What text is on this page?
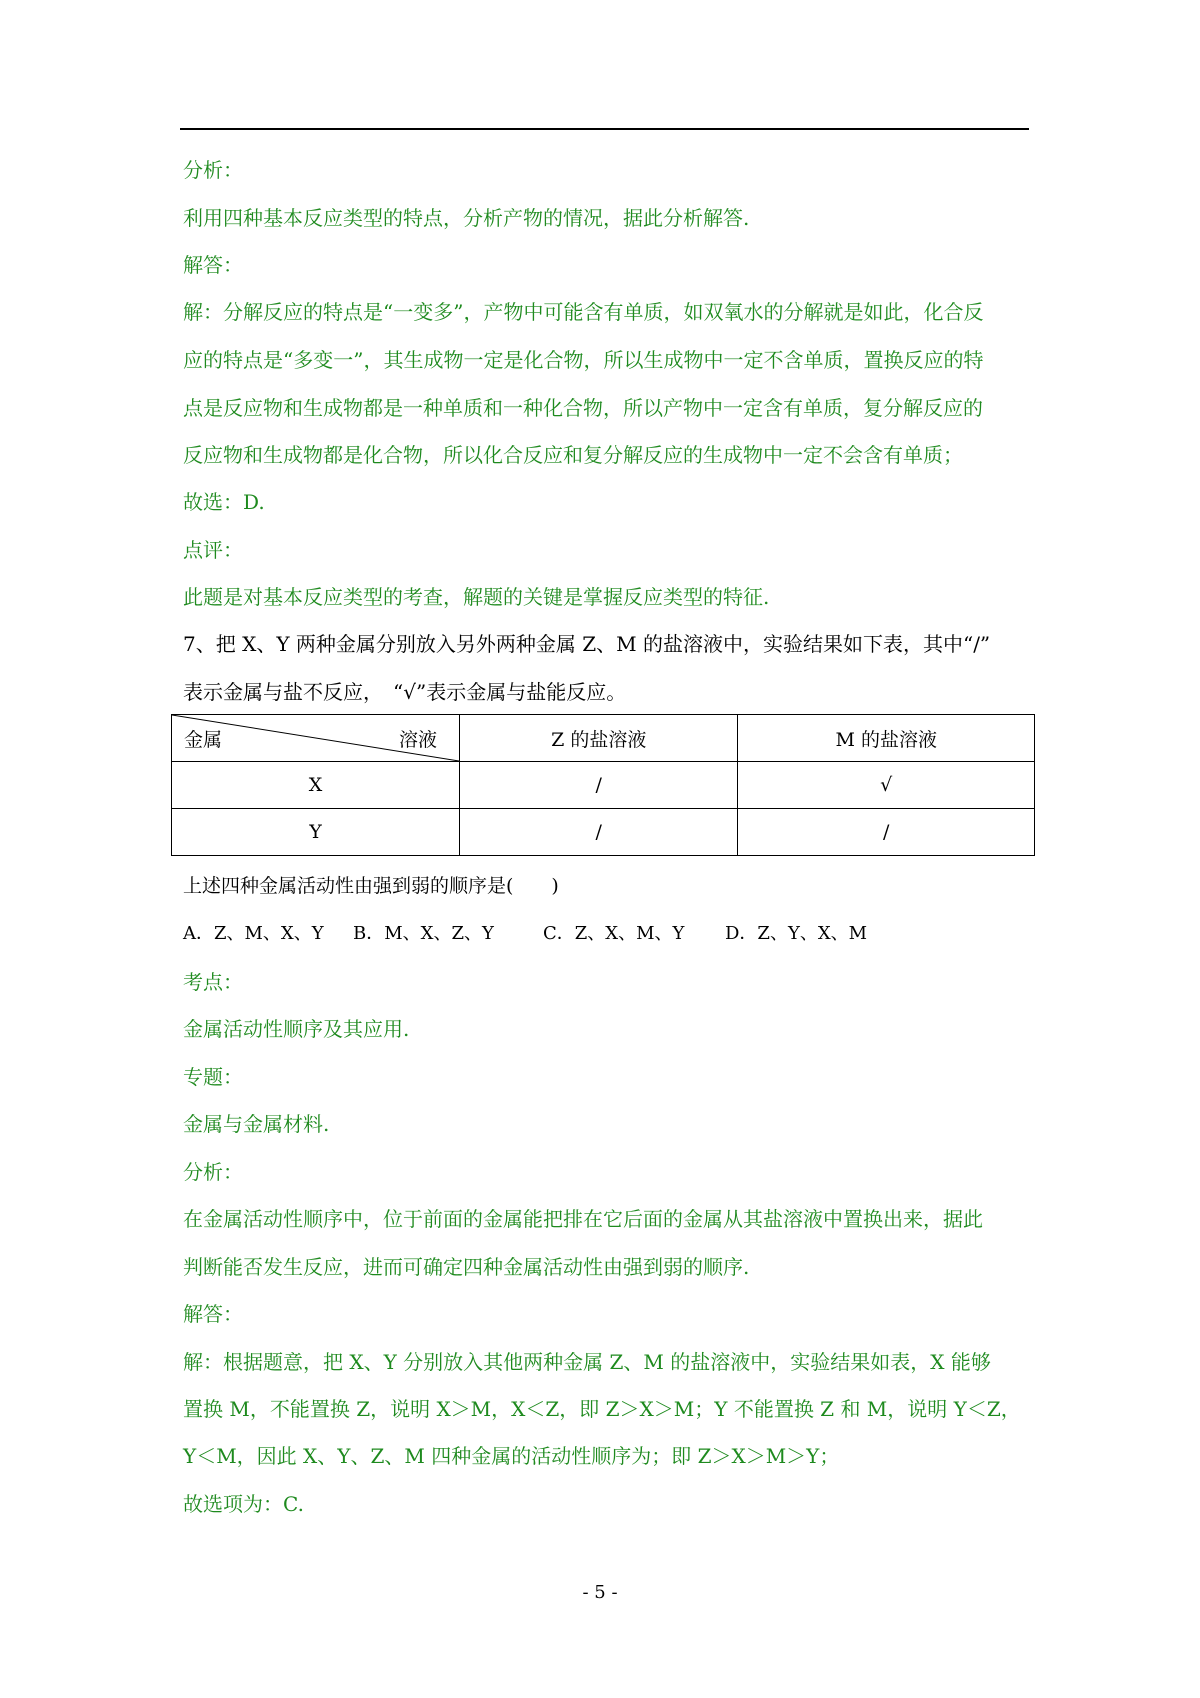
分析：
利用四种基本反应类型的特点，分析产物的情况，据此分析解答.
解答：
解：分解反应的特点是“一变多”，产物中可能含有单质，如双氧水的分解就是如此，化合反
应的特点是“多变一”，其生成物一定是化合物，所以生成物中一定不含单质，置换反应的特
点是反应物和生成物都是一种单质和一种化合物，所以产物中一定含有单质，复分解反应的
反应物和生成物都是化合物，所以化合反应和复分解反应的生成物中一定不会含有单质；
故选：D.
点评：
此题是对基本反应类型的考查，解题的关键是掌握反应类型的特征.
7、把 X、Y 两种金属分别放入另外两种金属 Z、M 的盐溶液中，实验结果如下表，其中“/”
表示金属与盐不反应，　“√”表示金属与盐能反应。
金属 溶液	Z 的盐溶液	M 的盐溶液
X	/	√
Y	/	/
上述四种金属活动性由强到弱的顺序是(　　)
A．Z、M、X、Y B．M、X、Z、Y	C．Z、X、M、Y D．Z、Y、X、M
考点：
金属活动性顺序及其应用.
专题：
金属与金属材料.
分析：
在金属活动性顺序中，位于前面的金属能把排在它后面的金属从其盐溶液中置换出来，据此
判断能否发生反应，进而可确定四种金属活动性由强到弱的顺序.
解答：
解：根据题意，把 X、Y 分别放入其他两种金属 Z、M 的盐溶液中，实验结果如表，X 能够
置换 M，不能置换 Z，说明 X＞M，X＜Z，即 Z＞X＞M；Y 不能置换 Z 和 M，说明 Y＜Z，
Y＜M，因此 X、Y、Z、M 四种金属的活动性顺序为；即 Z＞X＞M＞Y；
故选项为：C.
- 5 -
